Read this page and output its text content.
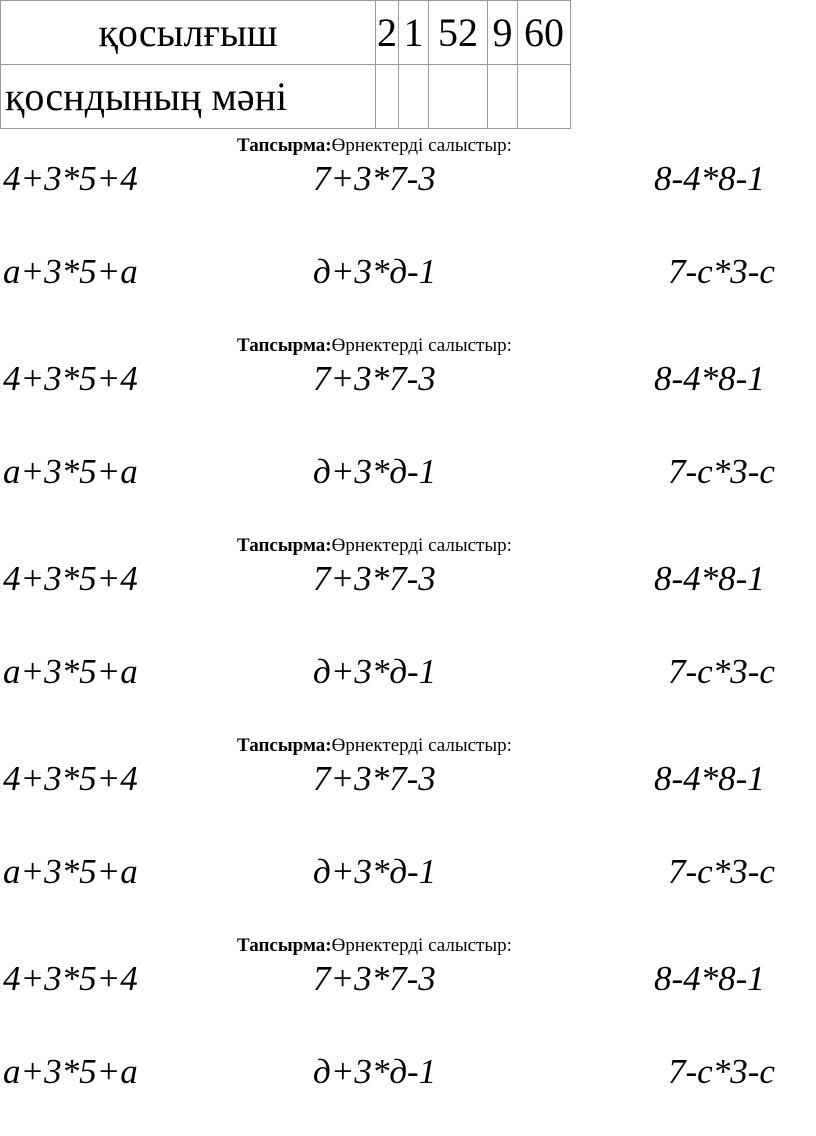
қосылғыш	2	1	52	9	60
қосндының мәні					
Тапсырма:Өрнектерді салыстыр:
4+3*5+4	7+3*7-3	8-4*8-1
а+3*5+а	д+3*д-1	7-с*3-с
Тапсырма:Өрнектерді салыстыр:
4+3*5+4	7+3*7-3	8-4*8-1
а+3*5+а	д+3*д-1	7-с*3-с
Тапсырма:Өрнектерді салыстыр:
4+3*5+4	7+3*7-3	8-4*8-1
а+3*5+а	д+3*д-1	7-с*3-с
Тапсырма:Өрнектерді салыстыр:
4+3*5+4	7+3*7-3	8-4*8-1
а+3*5+а	д+3*д-1	7-с*3-с
Тапсырма:Өрнектерді салыстыр:
4+3*5+4	7+3*7-3	8-4*8-1
а+3*5+а	д+3*д-1	7-с*3-с
